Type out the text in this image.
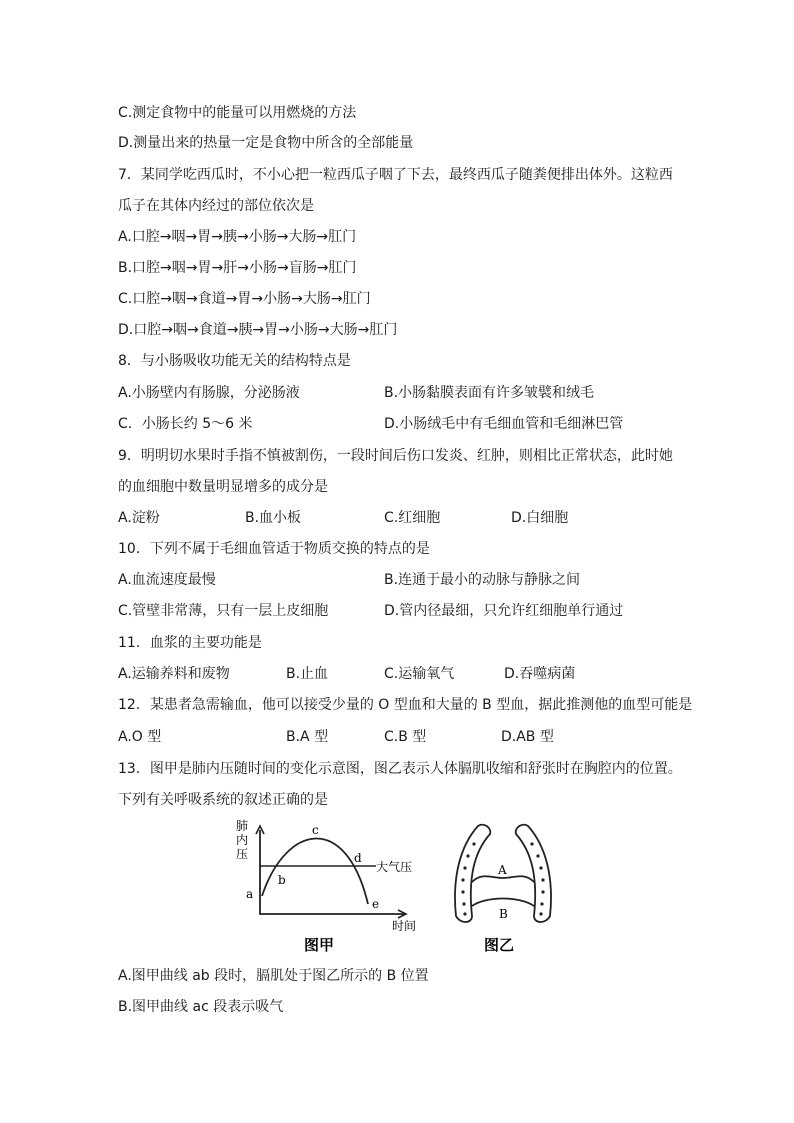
C.测定食物中的能量可以用燃烧的方法
D.测量出来的热量一定是食物中所含的全部能量
7．某同学吃西瓜时，不小心把一粒西瓜子咽了下去，最终西瓜子随粪便排出体外。这粒西
瓜子在其体内经过的部位依次是
A.口腔→咽→胃→胰→小肠→大肠→肛门
B.口腔→咽→胃→肝→小肠→盲肠→肛门
C.口腔→咽→食道→胃→小肠→大肠→肛门
D.口腔→咽→食道→胰→胃→小肠→大肠→肛门
8．与小肠吸收功能无关的结构特点是
A.小肠壁内有肠腺，分泌肠液	B.小肠黏膜表面有许多皱襞和绒毛
C．小肠长约 5～6 米	D.小肠绒毛中有毛细血管和毛细淋巴管
9．明明切水果时手指不慎被割伤，一段时间后伤口发炎、红肿，则相比正常状态，此时她
的血细胞中数量明显增多的成分是
A.淀粉	B.血小板	C.红细胞	D.白细胞
10．下列不属于毛细血管适于物质交换的特点的是
A.血流速度最慢	B.连通于最小的动脉与静脉之间
C.管壁非常薄，只有一层上皮细胞	D.管内径最细，只允许红细胞单行通过
11．血浆的主要功能是
A.运输养料和废物	B.止血	C.运输氧气	D.吞噬病菌
12．某患者急需输血，他可以接受少量的 O 型血和大量的 B 型血，据此推测他的血型可能是
A.O 型	B.A 型	C.B 型	D.AB 型
13．图甲是肺内压随时间的变化示意图，图乙表示人体膈肌收缩和舒张时在胸腔内的位置。
下列有关呼吸系统的叙述正确的是
肺
内
压
大气压
a
b
c
d
e
时间
图甲
A
B
图乙
A.图甲曲线 ab 段时，膈肌处于图乙所示的 B 位置
B.图甲曲线 ac 段表示吸气
